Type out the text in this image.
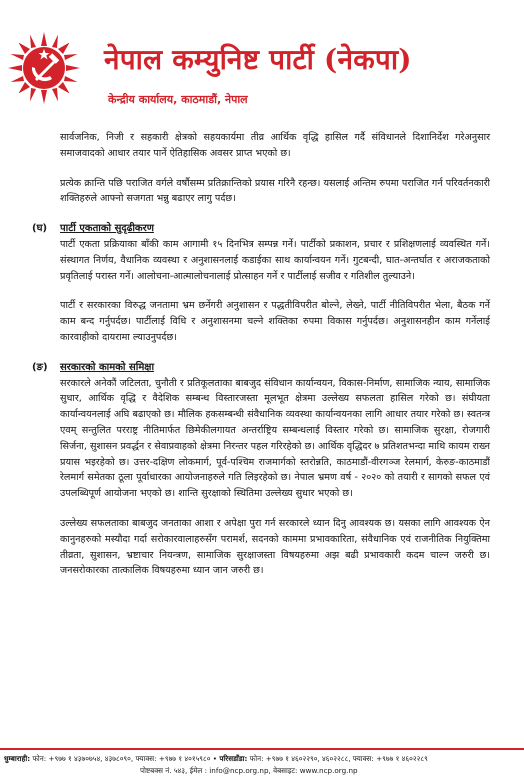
नेपाल कम्युनिष्ट पार्टी (नेकपा)
केन्द्रीय कार्यालय, काठमाडौं, नेपाल

सार्वजनिक, निजी र सहकारी क्षेत्रको सहयकार्यमा तीव्र आर्थिक वृद्धि हासिल गर्दै संविधानले दिशानिर्देश गरेअनुसार समाजवादको आधार तयार पार्ने ऐतिहासिक अवसर प्राप्त भएको छ।

प्रत्येक क्रान्ति पछि पराजित वर्गले वर्षौसम्म प्रतिक्रान्तिको प्रयास गरिनै रहन्छ। यसलाई अन्तिम रुपमा पराजित गर्न परिवर्तनकारी शक्तिहरुले आफ्नो सजगता भन्नु बढाएर लागु पर्दछ।

(घ) पार्टी एकताको सुदृढीकरण

पार्टी एकता प्रक्रियाका बाँकी काम आगामी १५ दिनभित्र सम्पन्न गर्ने। पार्टीको प्रकाशन, प्रचार र प्रशिक्षणलाई व्यवस्थित गर्ने। संस्थागत निर्णय, वैधानिक व्यवस्था र अनुशासनलाई कडाईका साथ कार्यान्वयन गर्ने। गुटबन्दी, घात-अन्तर्घात र अराजकताको प्रवृतिलाई परास्त गर्ने। आलोचना-आत्मालोचनालाई प्रोत्साहन गर्ने र पार्टीलाई सजीव र गतिशील तुल्याउने।

पार्टी र सरकारका विरुद्ध जनतामा भ्रम छर्नेगरी अनुशासन र पद्धतीविपरीत बोल्ने, लेख्ने, पार्टी नीतिविपरीत भेला, बैठक गर्ने काम बन्द गर्नुपर्दछ। पार्टीलाई विधि र अनुशासनमा चल्ने शक्तिका रुपमा विकास गर्नुपर्दछ। अनुशासनहीन काम गर्नेलाई कारवाहीको दायरामा ल्याउनुपर्दछ।

(ङ) सरकारको कामको समिक्षा

सरकारले अनेकौं जटिलता, चुनौती र प्रतिकूलताका बाबजुद संविधान कार्यान्वयन, विकास-निर्माण, सामाजिक न्याय, सामाजिक सुधार, आर्थिक वृद्धि र वैदेशिक सम्बन्ध विस्तारजस्ता मूलभूत क्षेत्रमा उल्लेख्य सफलता हासिल गरेको छ। संघीयता कार्यान्वयनलाई अघि बढाएको छ। मौलिक हकसम्बन्धी संवैधानिक व्यवस्था कार्यान्वयनका लागि आधार तयार गरेको छ। स्वतन्त्र एवम् सन्तुलित परराष्ट्र नीतिमार्फत छिमेकीलगायत अन्तर्राष्ट्रिय सम्बन्धलाई विस्तार गरेको छ। सामाजिक सुरक्षा, रोजगारी सिर्जना, सुशासन प्रवर्द्धन र सेवाप्रवाहको क्षेत्रमा निरन्तर पहल गरिरहेको छ। आर्थिक वृद्धिदर ७ प्रतिशतभन्दा माथि कायम राख्न प्रयास भइरहेको छ। उत्तर-दक्षिण लोकमार्ग, पूर्व-पश्चिम राजमार्गको स्तरोन्नति, काठमाडौं-वीरगञ्ज रेलमार्ग, केरुङ-काठमाडौं रेलमार्ग समेतका ठूला पूर्वाधारका आयोजनाहरुले गति लिइरहेको छ। नेपाल भ्रमण वर्ष - २०२० को तयारी र सागको सफल एवं उपलब्धिपूर्ण आयोजना भएको छ। शान्ति सुरक्षाको स्थितिमा उल्लेख्य सुधार भएको छ।

उल्लेख्य सफलताका बाबजुद जनताका आशा र अपेक्षा पुरा गर्न सरकारले ध्यान दिनु आवश्यक छ। यसका लागि आवश्यक ऐन कानुनहरुको मस्यौदा गर्दा सरोकारवालाहरुसँग परामर्श, सदनको काममा प्रभावकारिता, संवैधानिक एवं राजनीतिक नियुक्तिमा तीव्रता, सुशासन, भ्रष्टाचार नियन्त्रण, सामाजिक सुरक्षाजस्ता विषयहरुमा अझ बढी प्रभावकारी कदम चाल्न जरुरी छ। जनसरोकारका तात्कालिक विषयहरुमा ध्यान जान जरुरी छ।

धुम्बाराही: फोन: +९७७ १ ४३७०७५४, ४३७८०९०, फ्याक्स: +९७७ १ ४०१५९८० • परिसडाँडा: फोन: +९७७ १ ४६०२२९०, ४६०२२८८, फ्याक्स: +९७७ १ ४६०२२८९
पोष्टबक्स नं. ५४३, ईमेल : info@ncp.org.np, वेबसाइट: www.ncp.org.np
